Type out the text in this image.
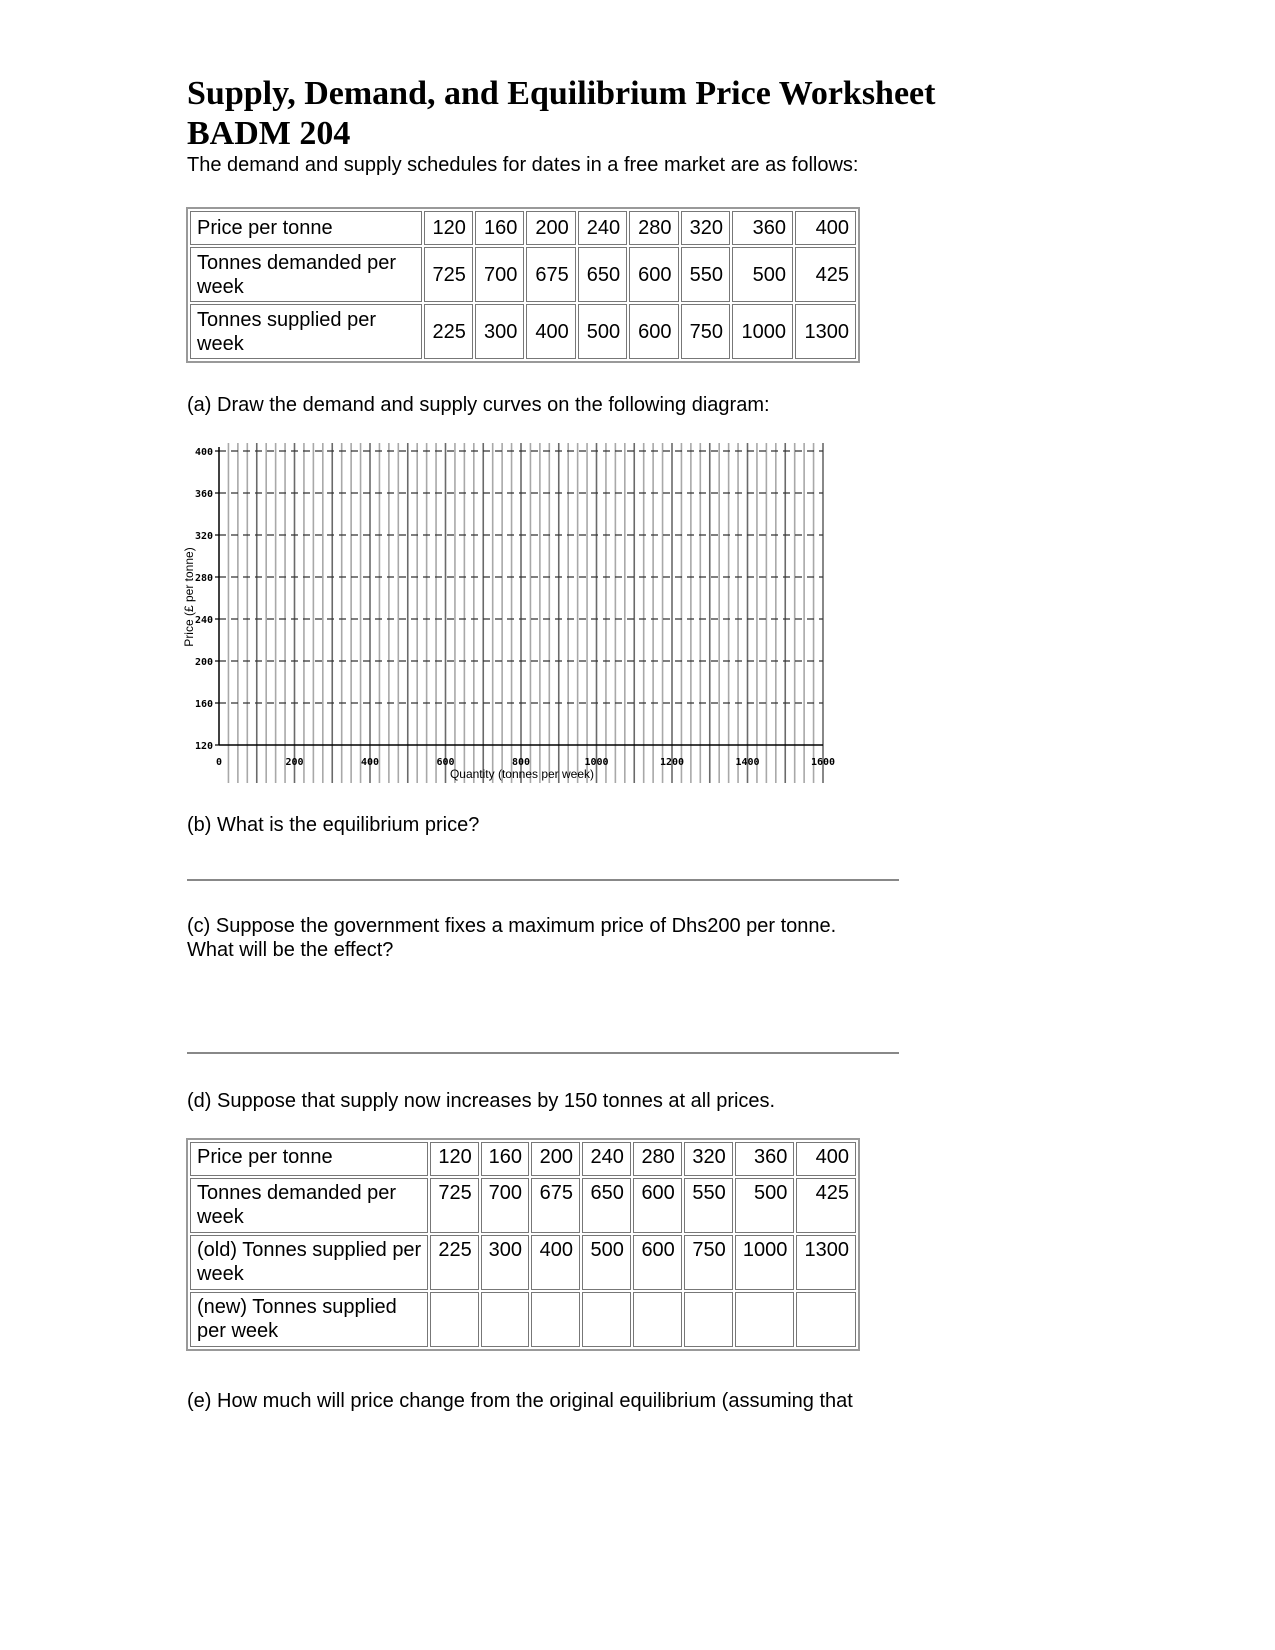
Supply, Demand, and Equilibrium Price Worksheet
BADM 204

The demand and supply schedules for dates in a free market are as follows:

Price per tonne	120	160	200	240	280	320	360	400
Tonnes demanded per week	725	700	675	650	600	550	500	425
Tonnes supplied per week	225	300	400	500	600	750	1000	1300

(a) Draw the demand and supply curves on the following diagram:

400
360
320
280
240
200
160
120
0	200	400	600	800	1000	1200	1400	1600
Quantity (tonnes per week)
Price (£ per tonne)

(b) What is the equilibrium price?

(c) Suppose the government fixes a maximum price of Dhs200 per tonne.
What will be the effect?

(d) Suppose that supply now increases by 150 tonnes at all prices.

Price per tonne	120	160	200	240	280	320	360	400
Tonnes demanded per week	725	700	675	650	600	550	500	425
(old) Tonnes supplied per week	225	300	400	500	600	750	1000	1300
(new) Tonnes supplied per week								

(e) How much will price change from the original equilibrium (assuming that
